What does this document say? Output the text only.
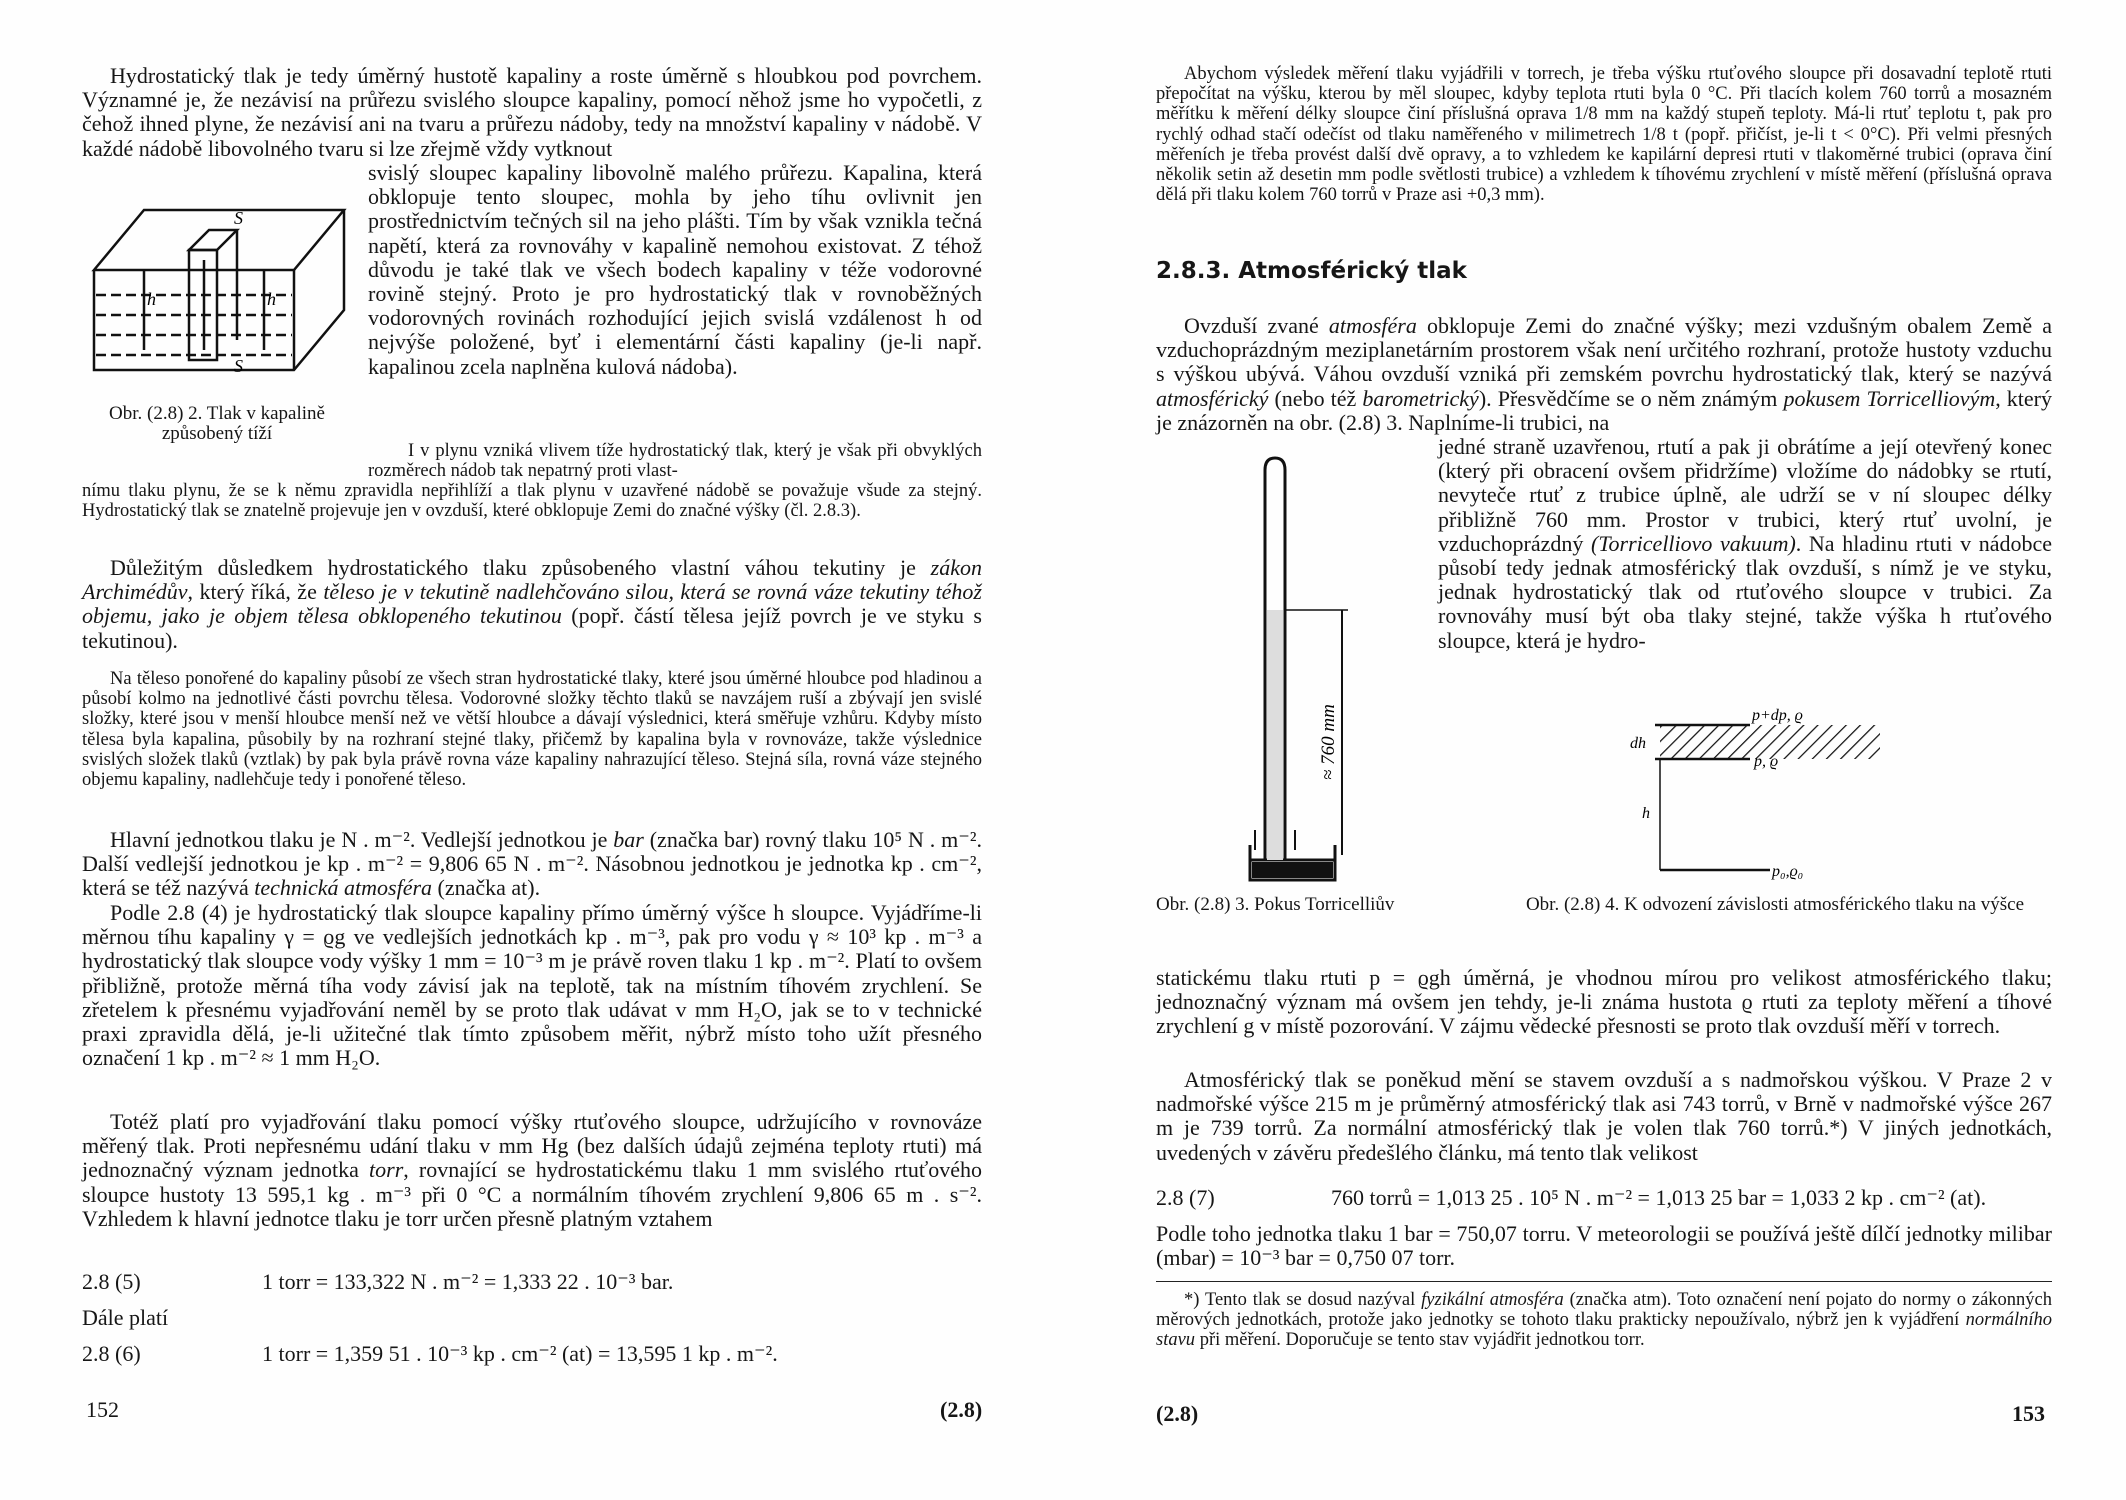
Hydrostatický tlak je tedy úměrný hustotě kapaliny a roste úměrně s hloubkou pod povrchem. Významné je, že nezávisí na průřezu svislého sloupce kapaliny, pomocí něhož jsme ho vypočetli, z čehož ihned plyne, že nezávisí ani na tvaru a průřezu nádoby, tedy na množství kapaliny v nádobě. V každé nádobě libovolného tvaru si lze zřejmě vždy vytknout

svislý sloupec kapaliny libovolně malého průřezu. Kapalina, která obklopuje tento sloupec, mohla by jeho tíhu ovlivnit jen prostřednictvím tečných sil na jeho plášti. Tím by však vznikla tečná napětí, která za rovnováhy v kapalině nemohou existovat. Z téhož důvodu je také tlak ve všech bodech kapaliny v téže vodorovné rovině stejný. Proto je pro hydrostatický tlak v rovnoběžných vodorovných rovinách rozhodující jejich svislá vzdálenost h od nejvýše položené, byť i elementární části kapaliny (je-li např. kapalinou zcela naplněna kulová nádoba).

S
S
h	h
Obr. (2.8) 2. Tlak v kapalině způsobený tíží

I v plynu vzniká vlivem tíže hydrostatický tlak, který je však při obvyklých rozměrech nádob tak nepatrný proti vlast-

nímu tlaku plynu, že se k němu zpravidla nepřihlíží a tlak plynu v uzavřené nádobě se považuje všude za stejný. Hydrostatický tlak se znatelně projevuje jen v ovzduší, které obklopuje Zemi do značné výšky (čl. 2.8.3).

Důležitým důsledkem hydrostatického tlaku způsobeného vlastní váhou tekutiny je zákon Archimédův, který říká, že těleso je v tekutině nadlehčováno silou, která se rovná váze tekutiny téhož objemu, jako je objem tělesa obklopeného tekutinou (popř. částí tělesa jejíž povrch je ve styku s tekutinou).

Na těleso ponořené do kapaliny působí ze všech stran hydrostatické tlaky, které jsou úměrné hloubce pod hladinou a působí kolmo na jednotlivé části povrchu tělesa. Vodorovné složky těchto tlaků se navzájem ruší a zbývají jen svislé složky, které jsou v menší hloubce menší než ve větší hloubce a dávají výslednici, která směřuje vzhůru. Kdyby místo tělesa byla kapalina, působily by na rozhraní stejné tlaky, přičemž by kapalina byla v rovnováze, takže výslednice svislých složek tlaků (vztlak) by pak byla právě rovna váze kapaliny nahrazující těleso. Stejná síla, rovná váze stejného objemu kapaliny, nadlehčuje tedy i ponořené těleso.

Hlavní jednotkou tlaku je N . m⁻². Vedlejší jednotkou je bar (značka bar) rovný tlaku 10⁵ N . m⁻². Další vedlejší jednotkou je kp . m⁻² = 9,806 65 N . m⁻². Násobnou jednotkou je jednotka kp . cm⁻², která se též nazývá technická atmosféra (značka at).

Podle 2.8 (4) je hydrostatický tlak sloupce kapaliny přímo úměrný výšce h sloupce. Vyjádříme-li měrnou tíhu kapaliny γ = ϱg ve vedlejších jednotkách kp . m⁻³, pak pro vodu γ ≈ 10³ kp . m⁻³ a hydrostatický tlak sloupce vody výšky 1 mm = 10⁻³ m je právě roven tlaku 1 kp . m⁻². Platí to ovšem přibližně, protože měrná tíha vody závisí jak na teplotě, tak na místním tíhovém zrychlení. Se zřetelem k přesnému vyjadřování neměl by se proto tlak udávat v mm H₂O, jak se to v technické praxi zpravidla dělá, je-li užitečné tlak tímto způsobem měřit, nýbrž místo toho užít přesného označení 1 kp . m⁻² ≈ 1 mm H₂O.

Totéž platí pro vyjadřování tlaku pomocí výšky rtuťového sloupce, udržujícího v rovnováze měřený tlak. Proti nepřesnému udání tlaku v mm Hg (bez dalších údajů zejména teploty rtuti) má jednoznačný význam jednotka torr, rovnající se hydrostatickému tlaku 1 mm svislého rtuťového sloupce hustoty 13 595,1 kg . m⁻³ při 0 °C a normálním tíhovém zrychlení 9,806 65 m . s⁻². Vzhledem k hlavní jednotce tlaku je torr určen přesně platným vztahem

2.8 (5)	1 torr = 133,322 N . m⁻² = 1,333 22 . 10⁻³ bar.
Dále platí
2.8 (6)	1 torr = 1,359 51 . 10⁻³ kp . cm⁻² (at) = 13,595 1 kp . m⁻².
152	(2.8)

Abychom výsledek měření tlaku vyjádřili v torrech, je třeba výšku rtuťového sloupce při dosavadní teplotě rtuti přepočítat na výšku, kterou by měl sloupec, kdyby teplota rtuti byla 0 °C. Při tlacích kolem 760 torrů a mosazném měřítku k měření délky sloupce činí příslušná oprava 1/8 mm na každý stupeň teploty. Má-li rtuť teplotu t, pak pro rychlý odhad stačí odečíst od tlaku naměřeného v milimetrech 1/8 t (popř. přičíst, je-li t < 0°C). Při velmi přesných měřeních je třeba provést další dvě opravy, a to vzhledem ke kapilární depresi rtuti v tlakoměrné trubici (oprava činí několik setin až desetin mm podle světlosti trubice) a vzhledem k tíhovému zrychlení v místě měření (příslušná oprava dělá při tlaku kolem 760 torrů v Praze asi +0,3 mm).

2.8.3. Atmosférický tlak

Ovzduší zvané atmosféra obklopuje Zemi do značné výšky; mezi vzdušným obalem Země a vzduchoprázdným meziplanetárním prostorem však není určitého rozhraní, protože hustoty vzduchu s výškou ubývá. Váhou ovzduší vzniká při zemském povrchu hydrostatický tlak, který se nazývá atmosférický (nebo též barometrický). Přesvědčíme se o něm známým pokusem Torricelliovým, který je znázorněn na obr. (2.8) 3. Naplníme-li trubici, na

jedné straně uzavřenou, rtutí a pak ji obrátíme a její otevřený konec (který při obracení ovšem přidržíme) vložíme do nádobky se rtutí, nevyteče rtuť z trubice úplně, ale udrží se v ní sloupec délky přibližně 760 mm. Prostor v trubici, který rtuť uvolní, je vzduchoprázdný (Torricelliovo vakuum). Na hladinu rtuti v nádobce působí tedy jednak atmosférický tlak ovzduší, s nímž je ve styku, jednak hydrostatický tlak od rtuťového sloupce v trubici. Za rovnováhy musí být oba tlaky stejné, takže výška h rtuťového sloupce, která je hydro-

≈ 760 mm
Obr. (2.8) 3. Pokus Torricelliův
p+dp, ϱ
p, ϱ
dh
h
p₀,ϱ₀
Obr. (2.8) 4. K odvození závislosti atmosférického tlaku na výšce

statickému tlaku rtuti p = ϱgh úměrná, je vhodnou mírou pro velikost atmosférického tlaku; jednoznačný význam má ovšem jen tehdy, je-li známa hustota ϱ rtuti za teploty měření a tíhové zrychlení g v místě pozorování. V zájmu vědecké přesnosti se proto tlak ovzduší měří v torrech.

Atmosférický tlak se poněkud mění se stavem ovzduší a s nadmořskou výškou. V Praze 2 v nadmořské výšce 215 m je průměrný atmosférický tlak asi 743 torrů, v Brně v nadmořské výšce 267 m je 739 torrů. Za normální atmosférický tlak je volen tlak 760 torrů.*) V jiných jednotkách, uvedených v závěru předešlého článku, má tento tlak velikost

2.8 (7)	760 torrů = 1,013 25 . 10⁵ N . m⁻² = 1,013 25 bar = 1,033 2 kp . cm⁻² (at).

Podle toho jednotka tlaku 1 bar = 750,07 torru. V meteorologii se používá ještě dílčí jednotky milibar (mbar) = 10⁻³ bar = 0,750 07 torr.

*) Tento tlak se dosud nazýval fyzikální atmosféra (značka atm). Toto označení není pojato do normy o zákonných měrových jednotkách, protože jako jednotky se tohoto tlaku prakticky nepoužívalo, nýbrž jen k vyjádření normálního stavu při měření. Doporučuje se tento stav vyjádřit jednotkou torr.

(2.8)	153
